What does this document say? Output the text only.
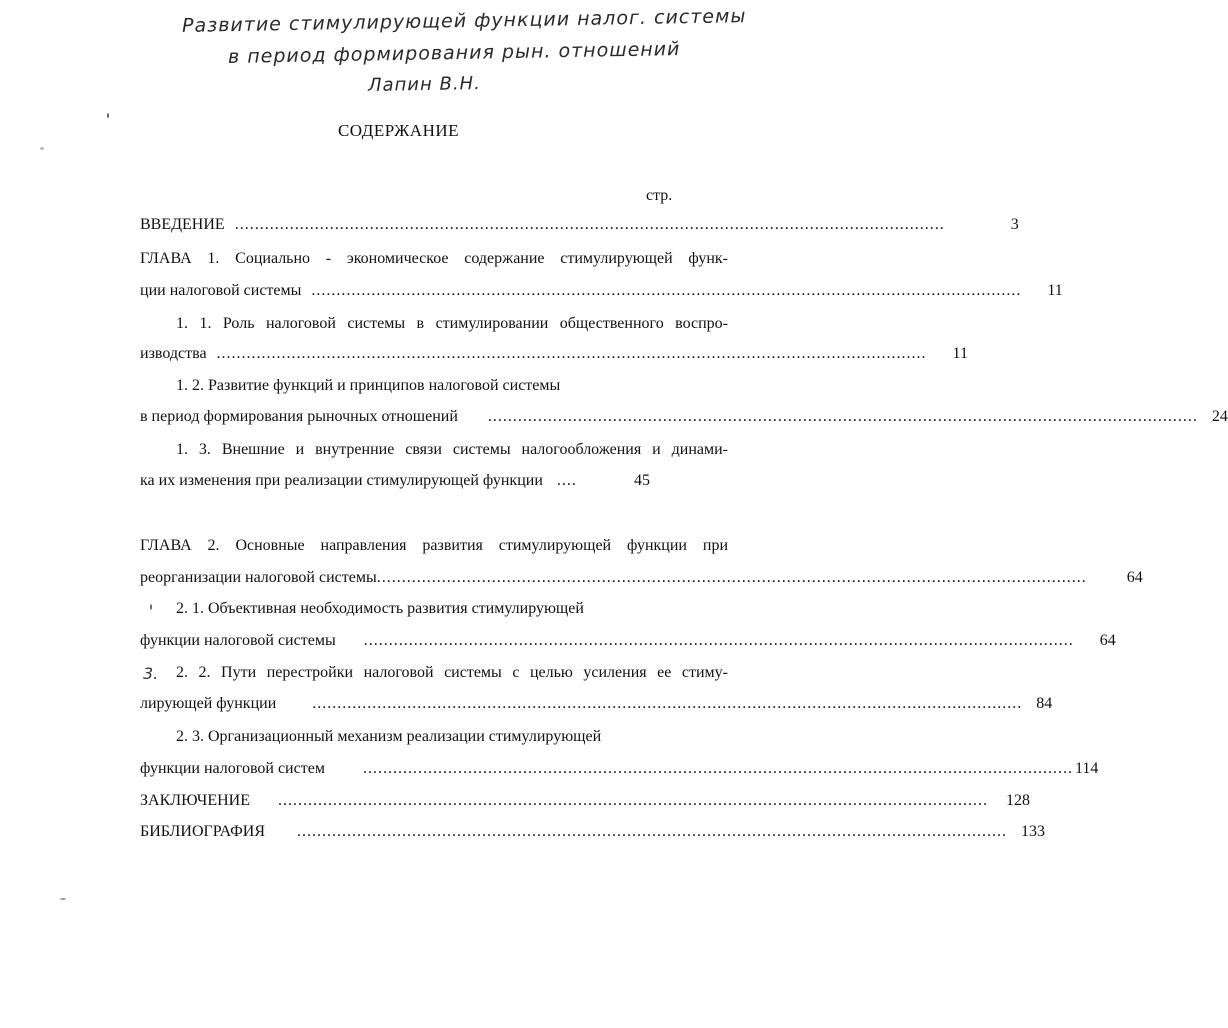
Развитие стимулирующей функции налог. системы
в период формирования рын. отношений
Лапин В.Н.
СОДЕРЖАНИЕ
стр.
ВВЕДЕНИЕ ..............................................................................................................................................	3
ГЛАВА 1. Социально - экономическое содержание стимулирующей функ-
ции налоговой системы ..............................................................................................................................................	11
1. 1. Роль налоговой системы в стимулировании общественного воспро-
изводства ..............................................................................................................................................	11
1. 2. Развитие функций и принципов налоговой системы
в период формирования рыночных отношений .............................................................................................................................................. 24
1. 3. Внешние и внутренние связи системы налогообложения и динами-
ка их изменения при реализации стимулирующей функции ....	45
ГЛАВА 2. Основные направления развития стимулирующей функции при
реорганизации налоговой системы ..............................................................................................................................................	64
2. 1. Объективная необходимость развития стимулирующей
функции налоговой системы ..............................................................................................................................................	64
3. 2. 2. Пути перестройки налоговой системы с целью усиления ее стиму-
лирующей функции .............................................................................................................................................. 84
2. 3. Организационный механизм реализации стимулирующей
функции налоговой систем .............................................................................................................................................. 114
ЗАКЛЮЧЕНИЕ ..............................................................................................................................................	128
БИБЛИОГРАФИЯ .............................................................................................................................................. 133
